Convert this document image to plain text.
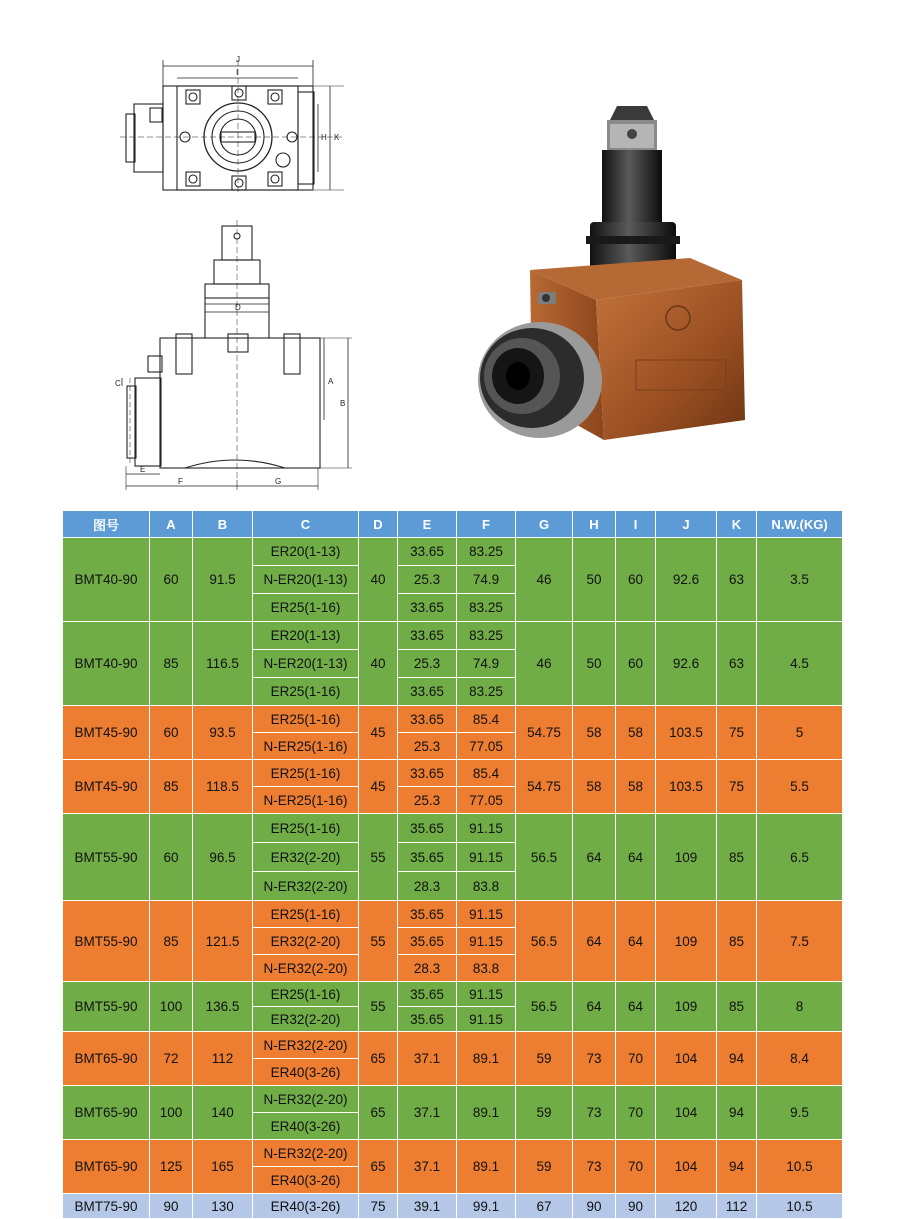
J
I
H K
D
C	A
B
E
F	G
图号	A	B	C	D	E	F	G	H	I	J	K	N.W.(KG)
BMT40-90	60	91.5	ER20(1-13)	40	33.65	83.25	46	50	60	92.6	63	3.5
			N-ER20(1-13)		25.3	74.9						
			ER25(1-16)		33.65	83.25						
BMT40-90	85	116.5	ER20(1-13)	40	33.65	83.25	46	50	60	92.6	63	4.5
			N-ER20(1-13)		25.3	74.9						
			ER25(1-16)		33.65	83.25						
BMT45-90	60	93.5	ER25(1-16)	45	33.65	85.4	54.75	58	58	103.5	75	5
			N-ER25(1-16)		25.3	77.05						
BMT45-90	85	118.5	ER25(1-16)	45	33.65	85.4	54.75	58	58	103.5	75	5.5
			N-ER25(1-16)		25.3	77.05						
BMT55-90	60	96.5	ER25(1-16)	55	35.65	91.15	56.5	64	64	109	85	6.5
			ER32(2-20)		35.65	91.15						
			N-ER32(2-20)		28.3	83.8						
BMT55-90	85	121.5	ER25(1-16)	55	35.65	91.15	56.5	64	64	109	85	7.5
			ER32(2-20)		35.65	91.15						
			N-ER32(2-20)		28.3	83.8						
BMT55-90	100	136.5	ER25(1-16)	55	35.65	91.15	56.5	64	64	109	85	8
			ER32(2-20)		35.65	91.15						
BMT65-90	72	112	N-ER32(2-20)	65	37.1	89.1	59	73	70	104	94	8.4
			ER40(3-26)									
BMT65-90	100	140	N-ER32(2-20)	65	37.1	89.1	59	73	70	104	94	9.5
			ER40(3-26)									
BMT65-90	125	165	N-ER32(2-20)	65	37.1	89.1	59	73	70	104	94	10.5
			ER40(3-26)									
BMT75-90	90	130	ER40(3-26)	75	39.1	99.1	67	90	90	120	112	10.5
